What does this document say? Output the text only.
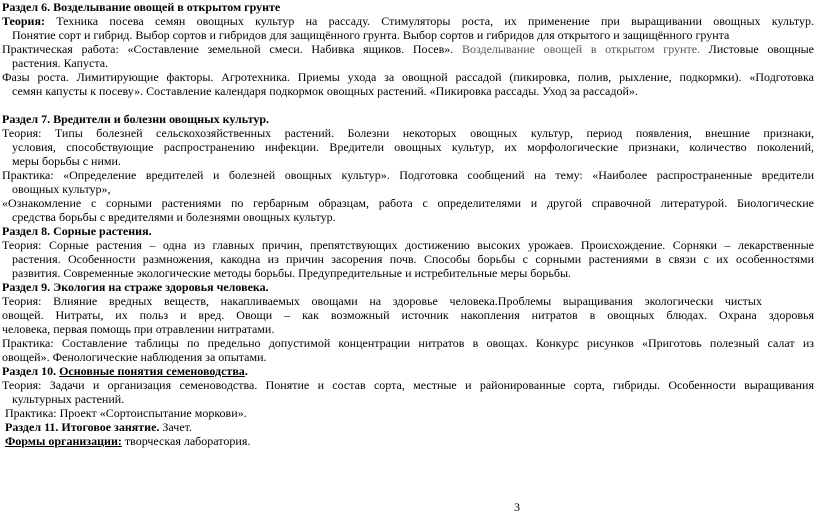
Раздел 6. Возделывание овощей в открытом грунте
Теория: Техника посева семян овощных культур на рассаду. Стимуляторы роста, их применение при выращивании овощных культур.
Понятие сорт и гибрид. Выбор сортов и гибридов для защищённого грунта. Выбор сортов и гибридов для открытого и защищённого грунта
Практическая работа: «Составление земельной смеси. Набивка ящиков. Посев». Возделывание овощей в открытом грунте. Листовые овощные
растения. Капуста.
Фазы роста. Лимитирующие факторы. Агротехника. Приемы ухода за овощной рассадой (пикировка, полив, рыхление, подкормки). «Подготовка
семян капусты к посеву». Составление календаря подкормок овощных растений. «Пикировка рассады. Уход за рассадой».
Раздел 7. Вредители и болезни овощных культур.
Теория: Типы болезней сельскохозяйственных растений. Болезни некоторых овощных культур, период появления, внешние признаки,
условия, способствующие распространению инфекции. Вредители овощных культур, их морфологические признаки, количество поколений,
меры борьбы с ними.
Практика: «Определение вредителей и болезней овощных культур». Подготовка сообщений на тему: «Наиболее распространенные вредители
овощных культур»,
«Ознакомление с сорными растениями по гербарным образцам, работа с определителями и другой справочной литературой. Биологические
средства борьбы с вредителями и болезнями овощных культур.
Раздел 8. Сорные растения.
Теория: Сорные растения – одна из главных причин, препятствующих достижению высоких урожаев. Происхождение. Сорняки – лекарственные
растения. Особенности размножения, какодна из причин засорения почв. Способы борьбы с сорными растениями в связи с их особенностями
развития. Современные экологические методы борьбы. Предупредительные и истребительные меры борьбы.
Раздел 9. Экология на страже здоровья человека.
Теория: Влияние вредных веществ, накапливаемых овощами на здоровье человека.Проблемы выращивания экологически чистых
овощей. Нитраты, их польз и вред. Овощи – как возможный источник накопления нитратов в овощных блюдах. Охрана здоровья
человека, первая помощь при отравлении нитратами.
Практика: Составление таблицы по предельно допустимой концентрации нитратов в овощах. Конкурс рисунков «Приготовь полезный салат из
овощей». Фенологические наблюдения за опытами.
Раздел 10. Основные понятия семеноводства.
Теория: Задачи и организация семеноводства. Понятие и состав сорта, местные и районированные сорта, гибриды. Особенности выращивания
культурных растений.
Практика: Проект «Сортоиспытание моркови».
Раздел 11. Итоговое занятие. Зачет.
Формы организации: творческая лаборатория.
3
